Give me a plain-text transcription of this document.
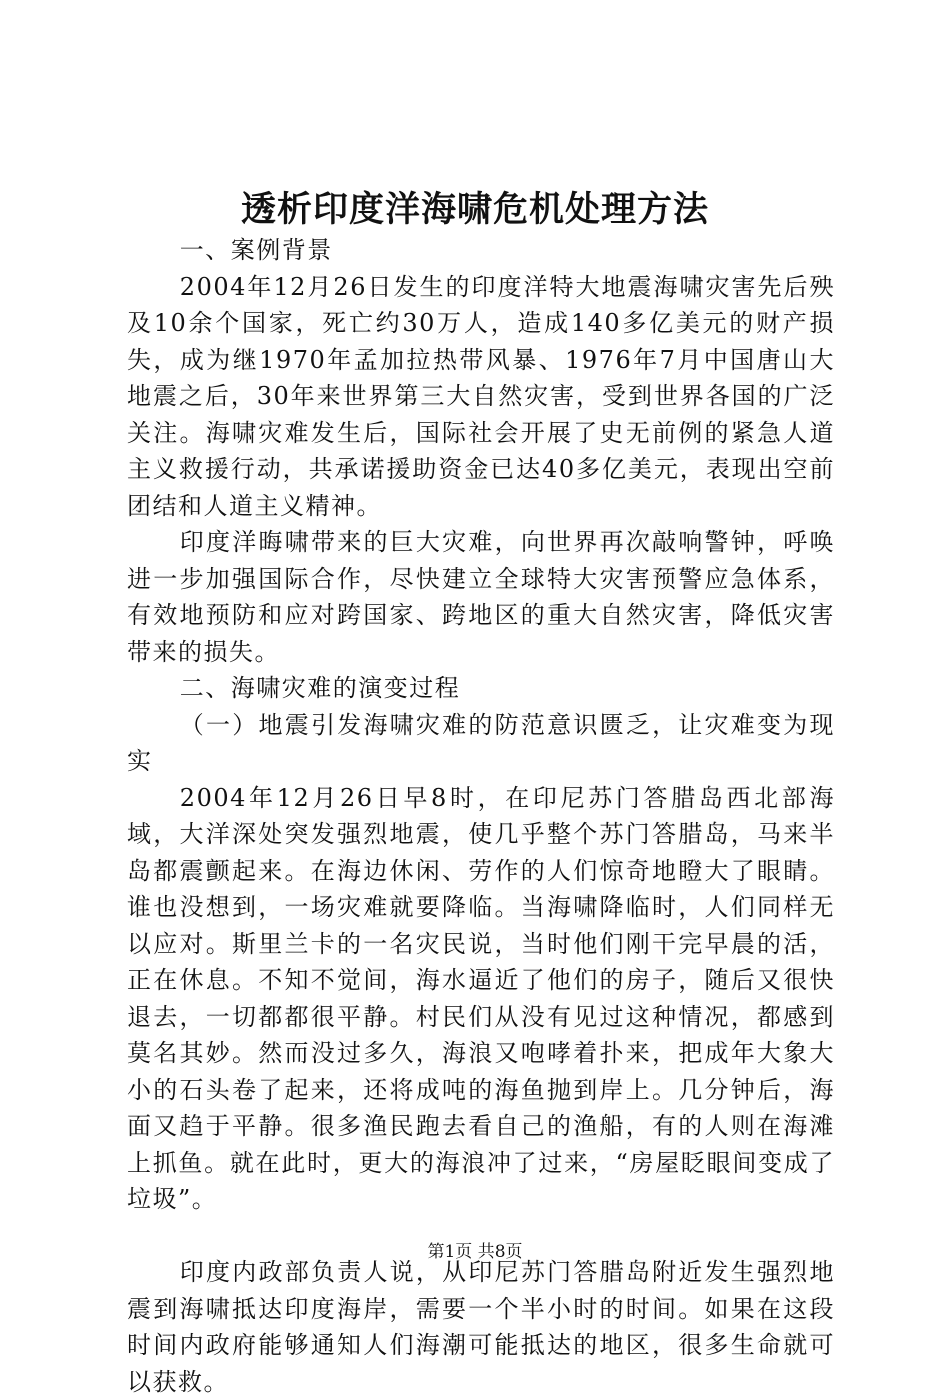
透析印度洋海啸危机处理方法

一、案例背景

2004年12月26日发生的印度洋特大地震海啸灾害先后殃及10余个国家，死亡约30万人，造成140多亿美元的财产损失，成为继1970年孟加拉热带风暴、1976年7月中国唐山大地震之后，30年来世界第三大自然灾害，受到世界各国的广泛关注。海啸灾难发生后，国际社会开展了史无前例的紧急人道主义救援行动，共承诺援助资金已达40多亿美元，表现出空前团结和人道主义精神。

印度洋晦啸带来的巨大灾难，向世界再次敲响警钟，呼唤进一步加强国际合作，尽快建立全球特大灾害预警应急体系，有效地预防和应对跨国家、跨地区的重大自然灾害，降低灾害带来的损失。

二、海啸灾难的演变过程

（一）地震引发海啸灾难的防范意识匮乏，让灾难变为现实

2004年12月26日早8时，在印尼苏门答腊岛西北部海域，大洋深处突发强烈地震，使几乎整个苏门答腊岛，马来半岛都震颤起来。在海边休闲、劳作的人们惊奇地瞪大了眼睛。谁也没想到，一场灾难就要降临。当海啸降临时，人们同样无以应对。斯里兰卡的一名灾民说，当时他们刚干完早晨的活，正在休息。不知不觉间，海水逼近了他们的房子，随后又很快退去，一切都都很平静。村民们从没有见过这种情况，都感到莫名其妙。然而没过多久，海浪又咆哮着扑来，把成年大象大小的石头卷了起来，还将成吨的海鱼抛到岸上。几分钟后，海面又趋于平静。很多渔民跑去看自己的渔船，有的人则在海滩上抓鱼。就在此时，更大的海浪冲了过来，“房屋眨眼间变成了垃圾”。

印度内政部负责人说，从印尼苏门答腊岛附近发生强烈地震到海啸抵达印度海岸，需要一个半小时的时间。如果在这段时间内政府能够通知人们海潮可能抵达的地区，很多生命就可以获救。

第1页 共8页
